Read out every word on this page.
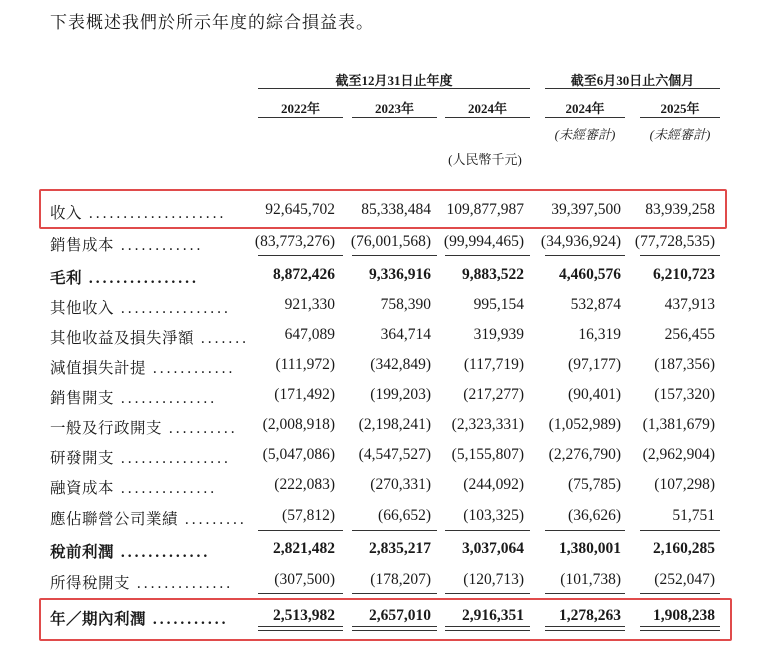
下表概述我們於所示年度的綜合損益表。
截至12月31日止年度	截至6月30日止六個月
2022年	2023年	2024年	2024年	2025年
(未經審計)	(未經審計)
(人民幣千元)
收入 ....................	92,645,702	85,338,484	109,877,987	39,397,500	83,939,258
銷售成本 ............	(83,773,276)	(76,001,568) (99,994,465)	(34,936,924) (77,728,535)
毛利 ................	8,872,426	9,336,916	9,883,522	4,460,576	6,210,723
其他收入 ................	921,330	758,390	995,154	532,874	437,913
其他收益及損失淨額 .......	647,089	364,714	319,939	16,319	256,455
減值損失計提 ............	(111,972)	(342,849)	(117,719)	(97,177)	(187,356)
銷售開支 ..............	(171,492)	(199,203)	(217,277)	(90,401)	(157,320)
一般及行政開支 ..........	(2,008,918)	(2,198,241)	(2,323,331)	(1,052,989)	(1,381,679)
研發開支 ................	(5,047,086)	(4,547,527)	(5,155,807)	(2,276,790)	(2,962,904)
融資成本 ..............	(222,083)	(270,331)	(244,092)	(75,785)	(107,298)
應佔聯營公司業績 .........	(57,812)	(66,652)	(103,325)	(36,626)	51,751
稅前利潤 .............	2,821,482	2,835,217	3,037,064	1,380,001	2,160,285
所得稅開支 ..............	(307,500)	(178,207)	(120,713)	(101,738)	(252,047)
年／期內利潤 ...........	2,513,982	2,657,010	2,916,351	1,278,263	1,908,238
